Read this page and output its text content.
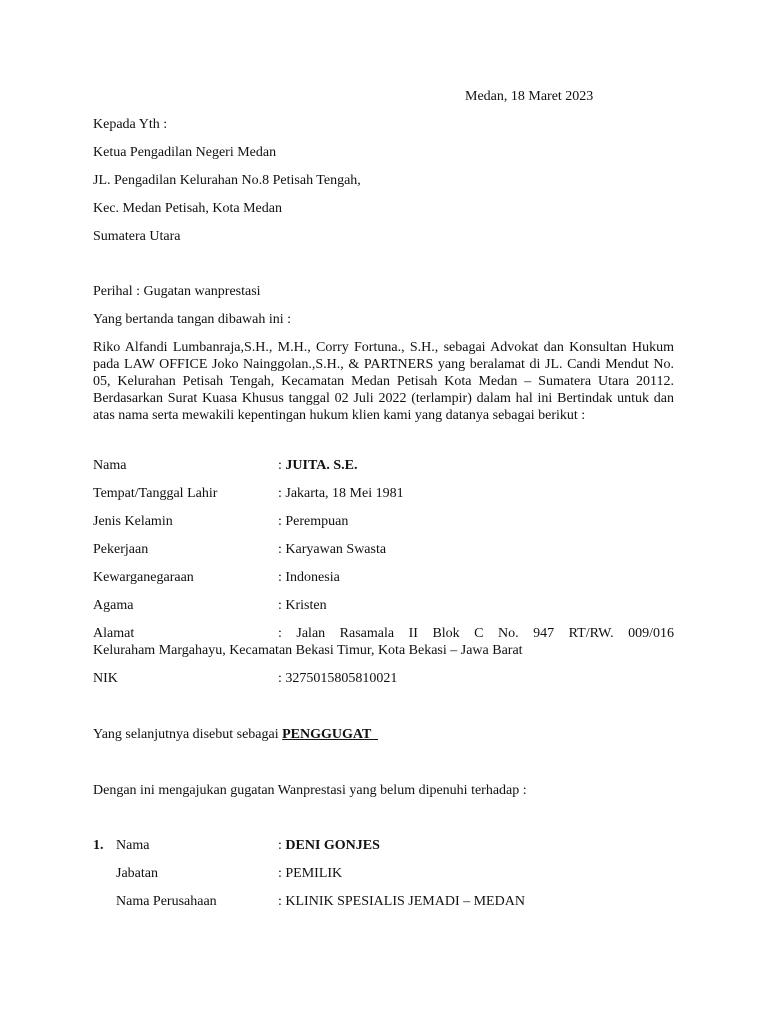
Medan, 18 Maret 2023
Kepada Yth :
Ketua Pengadilan Negeri Medan
JL. Pengadilan Kelurahan No.8 Petisah Tengah,
Kec. Medan Petisah, Kota Medan
Sumatera Utara
Perihal : Gugatan wanprestasi
Yang bertanda tangan dibawah ini :
Riko Alfandi Lumbanraja,S.H., M.H., Corry Fortuna., S.H., sebagai Advokat dan Konsultan Hukum pada LAW OFFICE Joko Nainggolan.,S.H., & PARTNERS yang beralamat di JL. Candi Mendut No. 05, Kelurahan Petisah Tengah, Kecamatan Medan Petisah Kota Medan – Sumatera Utara 20112. Berdasarkan Surat Kuasa Khusus tanggal 02 Juli 2022 (terlampir) dalam hal ini Bertindak untuk dan atas nama serta mewakili kepentingan hukum klien kami yang datanya sebagai berikut :
Nama	: JUITA. S.E.
Tempat/Tanggal Lahir	: Jakarta, 18 Mei 1981
Jenis Kelamin	: Perempuan
Pekerjaan	: Karyawan Swasta
Kewarganegaraan	: Indonesia
Agama	: Kristen
Alamat	: Jalan Rasamala II Blok C No. 947 RT/RW. 009/016
Keluraham Margahayu, Kecamatan Bekasi Timur, Kota Bekasi – Jawa Barat
NIK	: 3275015805810021
Yang selanjutnya disebut sebagai PENGGUGAT
Dengan ini mengajukan gugatan Wanprestasi yang belum dipenuhi terhadap :
1. Nama	: DENI GONJES
Jabatan	: PEMILIK
Nama Perusahaan	: KLINIK SPESIALIS JEMADI – MEDAN
